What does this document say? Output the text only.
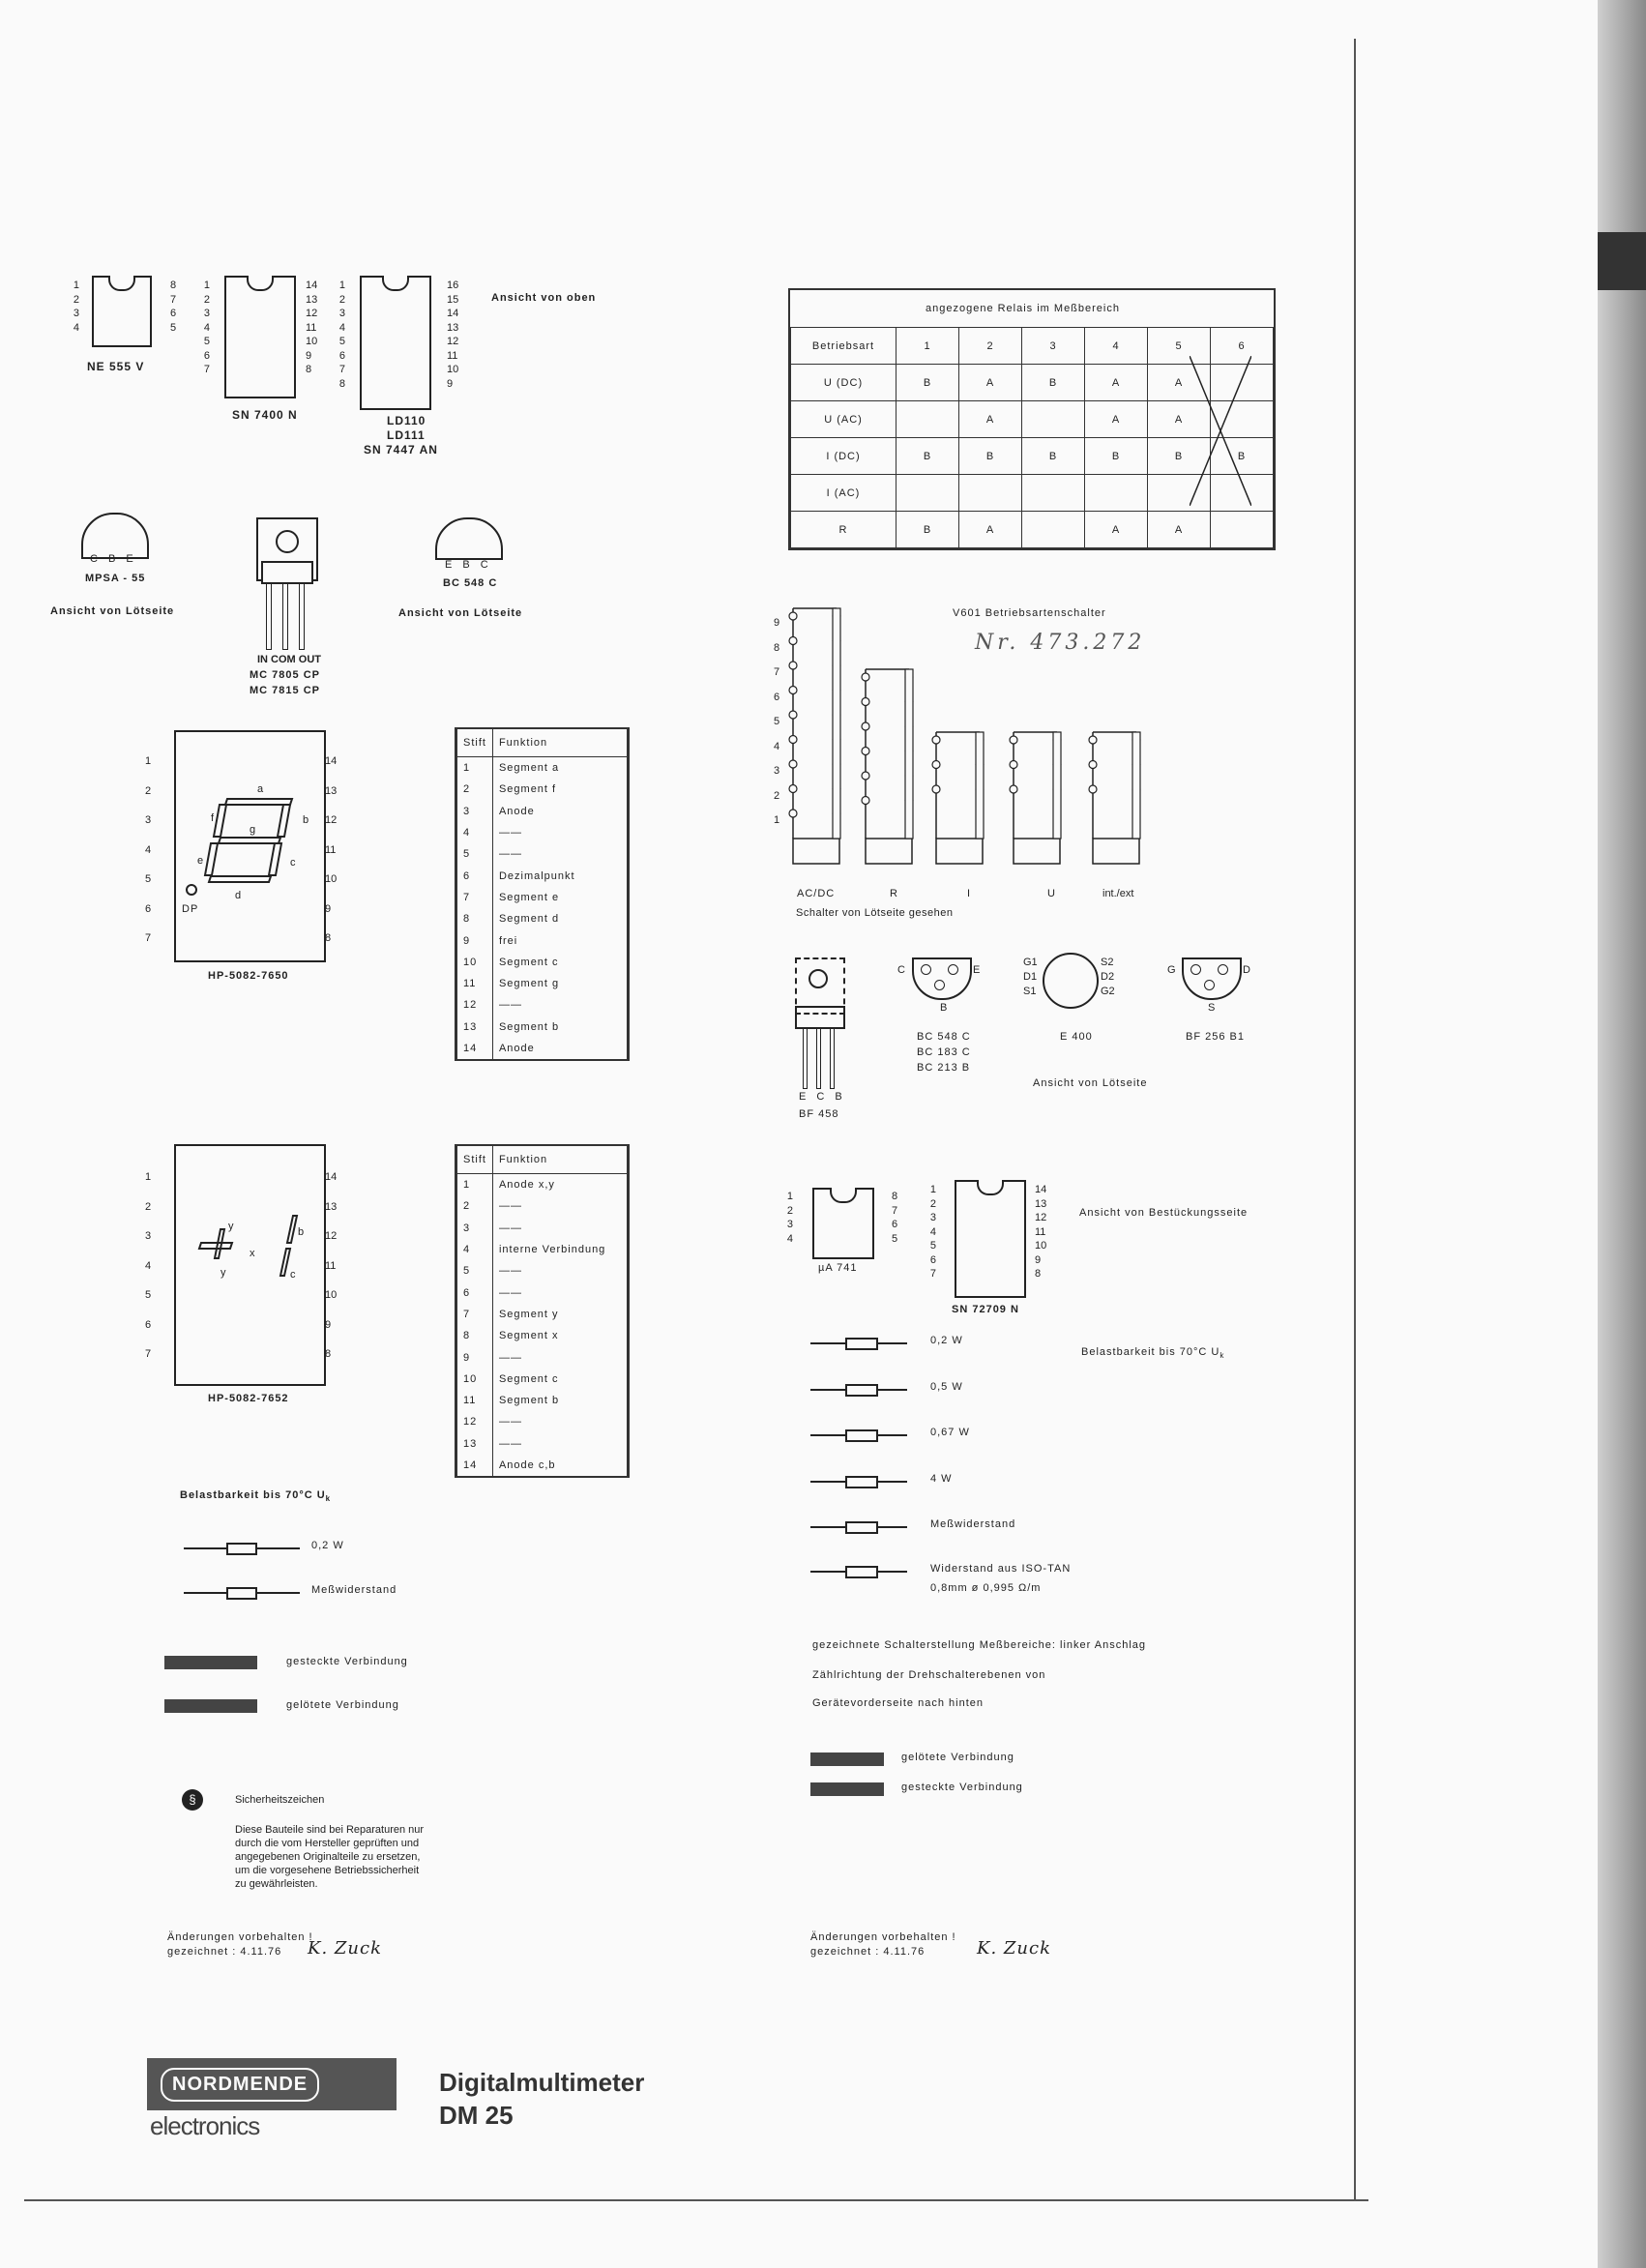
1
2
3
4
8
7
6
5
NE 555 V
1
2
3
4
5
6
7
14
13
12
11
10
9
8
SN 7400 N
1
2
3
4
5
6
7
8
16
15
14
13
12
11
10
9
LD110
LD111
SN 7447 AN
Ansicht von oben
C B E
MPSA - 55
Ansicht von Lötseite
IN COM OUT
MC 7805 CP
MC 7815 CP
E B C
BC 548 C
Ansicht von Lötseite
1
2
3
4
5
6
7
14
13
12
11
10
9
8
a
f	b
g
e	c
d
DP
HP-5082-7650
Stift	Funktion
1	Segment a
2	Segment f
3	Anode
4	——
5	——
6	Dezimalpunkt
7	Segment e
8	Segment d
9	frei
10	Segment c
11	Segment g
12	——
13	Segment b
14	Anode
1
2
3
4
5
6
7
14
13
12
11
10
9
8
y
x
y
b
c
HP-5082-7652
Stift	Funktion
1	Anode x,y
2	——
3	——
4	interne Verbindung
5	——
6	——
7	Segment y
8	Segment x
9	——
10	Segment c
11	Segment b
12	——
13	——
14	Anode c,b
Belastbarkeit bis 70°C $U_k$
0,2 W
Meßwiderstand
gesteckte Verbindung
gelötete Verbindung
§	Sicherheitszeichen
Diese Bauteile sind bei Reparaturen nur
durch die vom Hersteller geprüften und
angegebenen Originalteile zu ersetzen,
um die vorgesehene Betriebssicherheit
zu gewährleisten.
Änderungen vorbehalten !
gezeichnet : 4.11.76 K. Zuck
angezogene Relais im Meßbereich
Betriebsart	1	2	3	4	5	6
U (DC)	B	A	B	A	A	
U (AC)		A		A	A	
I (DC)	B	B	B	B	B	B
I (AC)						
R	B	A		A	A	
V601 Betriebsartenschalter
Nr. 473.272
9
8
7
6
5
4
3
2
1
AC/DC	R	I	U	int./ext
Schalter von Lötseite gesehen
E C B
BF 458
C	E
B
BC 548 C
BC 183 C
BC 213 B
G1
D1
S1
S2
D2
G2
E 400
G	D
S
BF 256 B1
Ansicht von Lötseite
1
2
3
4
8
7
6
5
µA 741
1
2
3
4
5
6
7
14
13
12
11
10
9
8
SN 72709 N
Ansicht von Bestückungsseite
0,2 W
0,5 W
0,67 W
4 W
Meßwiderstand
Widerstand aus ISO-TAN
0,8mm ø 0,995 Ω/m
Belastbarkeit bis 70°C $U_k$
gezeichnete Schalterstellung Meßbereiche: linker Anschlag
Zählrichtung der Drehschalterebenen von
Gerätevorderseite nach hinten
gelötete Verbindung
gesteckte Verbindung
Änderungen vorbehalten !
gezeichnet : 4.11.76	K. Zuck
NORDMENDE
electronics
Digitalmultimeter
DM 25
